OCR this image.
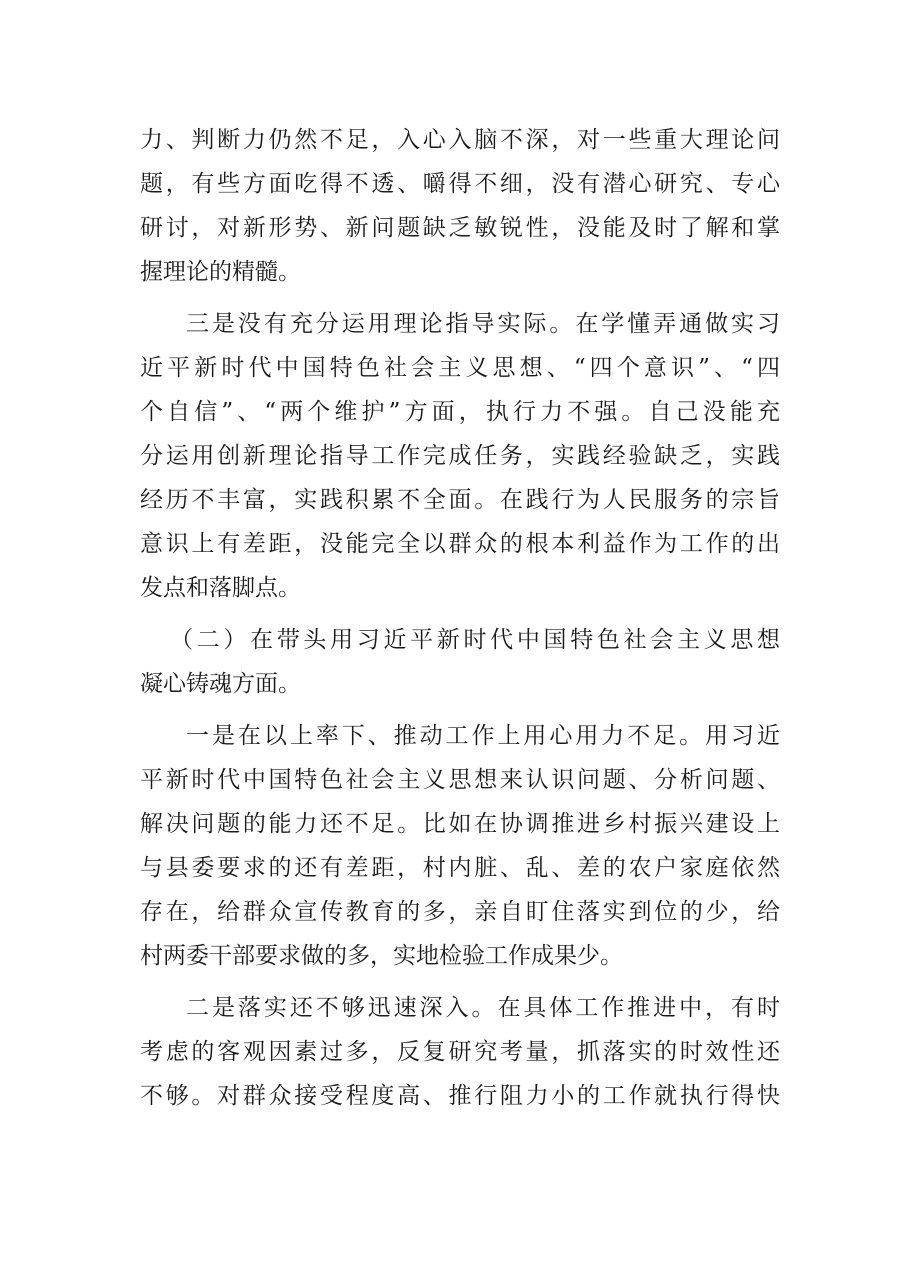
力、判断力仍然不足，入心入脑不深，对一些重大理论问
题，有些方面吃得不透、嚼得不细，没有潜心研究、专心
研讨，对新形势、新问题缺乏敏锐性，没能及时了解和掌
握理论的精髓。
三是没有充分运用理论指导实际。在学懂弄通做实习
近平新时代中国特色社会主义思想、“四个意识”、“四
个自信”、“两个维护”方面，执行力不强。自己没能充
分运用创新理论指导工作完成任务，实践经验缺乏，实践
经历不丰富，实践积累不全面。在践行为人民服务的宗旨
意识上有差距，没能完全以群众的根本利益作为工作的出
发点和落脚点。
（二）在带头用习近平新时代中国特色社会主义思想
凝心铸魂方面。
一是在以上率下、推动工作上用心用力不足。用习近
平新时代中国特色社会主义思想来认识问题、分析问题、
解决问题的能力还不足。比如在协调推进乡村振兴建设上
与县委要求的还有差距，村内脏、乱、差的农户家庭依然
存在，给群众宣传教育的多，亲自盯住落实到位的少，给
村两委干部要求做的多，实地检验工作成果少。
二是落实还不够迅速深入。在具体工作推进中，有时
考虑的客观因素过多，反复研究考量，抓落实的时效性还
不够。对群众接受程度高、推行阻力小的工作就执行得快
